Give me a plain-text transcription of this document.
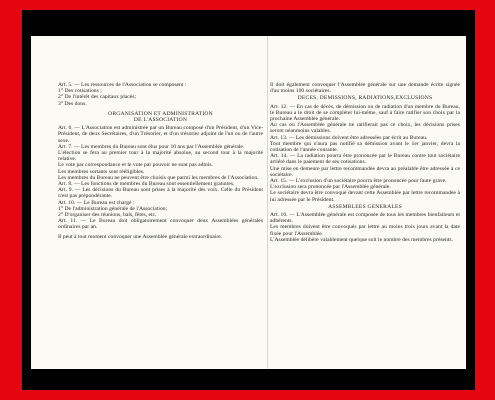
Art. 5. — Les ressources de l'Association se composent :
1° Des cotisations ;
2° De l'intérêt des capitaux placés;
3° Des dons.

ORGANISATION ET ADMINISTRATION
DE L'ASSOCIATION

Art. 6. — L'Association est administrée par un Bureau composé d'un Président, d'un Vice-Président, de deux Secrétaires, d'un Trésorier, et d'un trésorier adjoint de l'un ou de l'autre sexe.

Art. 7. — Les membres du Bureau sont élus pour 10 ans par l'Assemblée générale.

L'élection se fera au premier tour à la majorité absolue, au second tour à la majorité relative.

Le vote par correspondance et le vote par pouvoir ne sont pas admis.

Les membres sortants sont rééligibles.

Les membres du Bureau ne peuvent être choisis que parmi les membres de l'Association.

Art. 8. — Les fonctions de membres du Bureau sont essentiellement gratuites.

Art. 9. — Les décisions du Bureau sont prises à la majorité des voix. Celle du Président n'est pas prépondérante.

Art. 10. — Le Bureau est chargé :
1° De l'administration générale de l'Association;
2° D'organiser des réunions, bals, fêtes, etc.

Art. 11. — Le Bureau doit obligatoirement convoquer deux Assemblées générales ordinaires par an.

Il peut à tout moment convoquer une Assemblée générale extraordinaire.

Il doit également convoquer l'Assemblée générale sur une demande écrite signée d'au moins 100 sociétaires.

DECES, DEMISSIONS, RADIATIONS,EXCLUSIONS

Art. 12. — En cas de décès, de démission ou de radiation d'un membre du Bureau, le Bureau a le droit de se compléter lui-même, sauf à faire ratifier son choix par la prochaine Assemblée générale.

Au cas où l'Assemblée générale ne ratifierait pas ce choix, les décisions prises seront néanmoins valables.

Art. 13. — Les démissions doivent être adressées par écrit au Bureau.

Tout membre qui n'aura pas notifié sa démission avant le 1er janvier, devra la cotisation de l'année courante.

Art. 14. — La radiation pourra être prononcée par le Bureau contre tout sociétaire arriéré dans le paiement de ses cotisations.

Une mise en demeure par lettre recommandée devra au préalable être adressée à ce sociétaire.

Art. 15. — L'exclusion d'un sociétaire pourra être prononcée pour faute grave.

L'exclusion sera prononcée par l'Assemblée générale.

Le sociétaire devra être convoqué devant cette Assemblée par lettre recommandée à lui adressée par le Président.

ASSEMBLEES GENERALES

Art. 16. — L'Assemblée générale est composée de tous les membres bienfaiteurs et adhérents.

Les membres doivent être convoqués par lettre au moins trois jours avant la date fixée pour l'Assemblée.

L'Assemblée délibère valablement quelque soit le nombre des membres présents.
